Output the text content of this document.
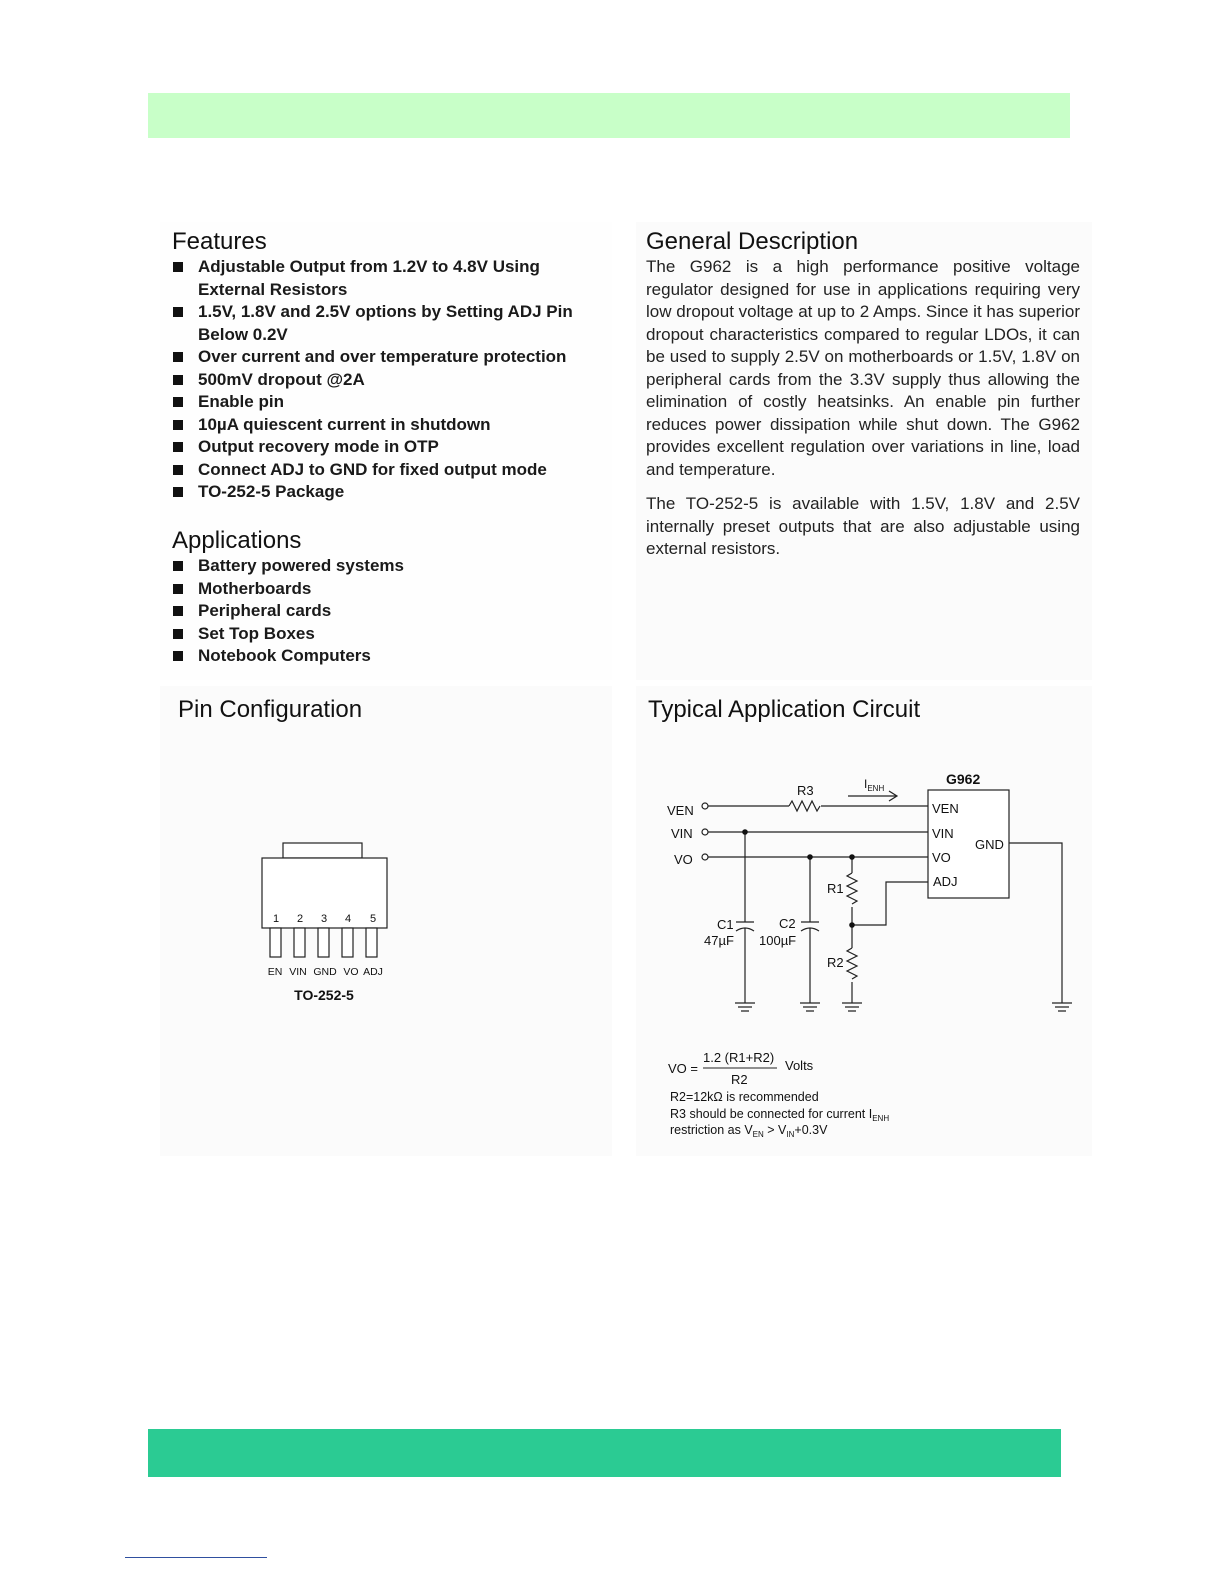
Features
Adjustable Output from 1.2V to 4.8V Using External Resistors
1.5V, 1.8V and 2.5V options by Setting ADJ Pin Below 0.2V
Over current and over temperature protection
500mV dropout @2A
Enable pin
10µA quiescent current in shutdown
Output recovery mode in OTP
Connect ADJ to GND for fixed output mode
TO-252-5 Package
Applications
Battery powered systems
Motherboards
Peripheral cards
Set Top Boxes
Notebook Computers
General Description

The G962 is a high performance positive voltage regulator designed for use in applications requiring very low dropout voltage at up to 2 Amps. Since it has superior dropout characteristics compared to regular LDOs, it can be used to supply 2.5V on motherboards or 1.5V, 1.8V on peripheral cards from the 3.3V supply thus allowing the elimination of costly heatsinks. An enable pin further reduces power dissipation while shut down. The G962 provides excellent regulation over variations in line, load and temperature.

The TO-252-5 is available with 1.5V, 1.8V and 2.5V internally preset outputs that are also adjustable using external resistors.

Pin Configuration	Typical Application Circuit
1 2 3 4 5
EN VIN GND VO ADJ
TO-252-5
VEN
VIN
VO
G962
VEN
VIN
VO
ADJ
GND
R3
R1
R2
C1
47µF
C2
100µF
$I_{ENH}$
VO =
1.2 (R1+R2)
R2
Volts
R2=12kΩ is recommended
R3 should be connected for current $I_{ENH}$
restriction as $V_{EN} > V_{IN}+0.3V$
